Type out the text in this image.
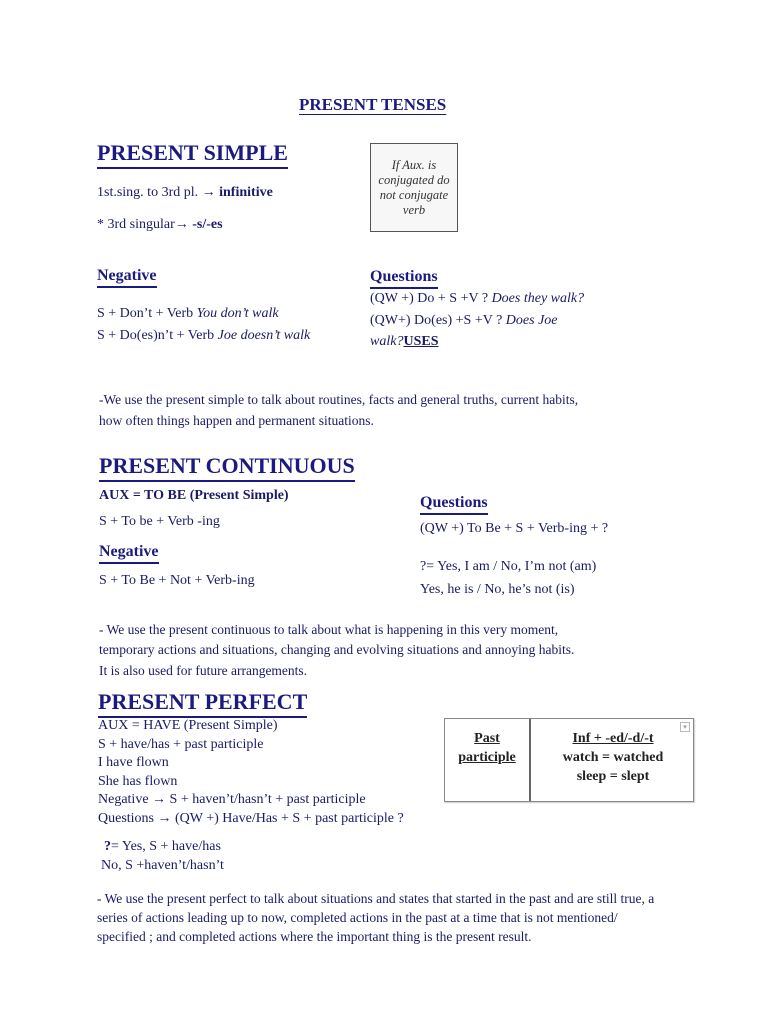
PRESENT TENSES
PRESENT SIMPLE
1st.sing. to 3rd pl. → infinitive
* 3rd singular→ -s/-es
If Aux. is conjugated do not conjugate verb
Negative
S + Don’t + Verb You don’t walk
S + Do(es)n’t + Verb Joe doesn’t walk
Questions
(QW +) Do + S +V ? Does they walk?
(QW+) Do(es) +S +V ? Does Joe
walk?USES
-We use the present simple to talk about routines, facts and general truths, current habits,
how often things happen and permanent situations.
PRESENT CONTINUOUS
AUX = TO BE (Present Simple)
S + To be + Verb -ing
Negative
S + To Be + Not + Verb-ing
Questions
(QW +) To Be + S + Verb-ing + ?
?= Yes, I am / No, I’m not (am)
Yes, he is / No, he’s not (is)
- We use the present continuous to talk about what is happening in this very moment,
temporary actions and situations, changing and evolving situations and annoying habits.
It is also used for future arrangements.
PRESENT PERFECT
AUX = HAVE (Present Simple)
S + have/has + past participle
I have flown
She has flown
Negative → S + haven’t/hasn’t + past participle
Questions → (QW +) Have/Has + S + past participle ?
?= Yes, S + have/has
No, S +haven’t/hasn’t
Past
participle
Inf + -ed/-d/-t
watch = watched
sleep = slept
▾
- We use the present perfect to talk about situations and states that started in the past and are still true, a
series of actions leading up to now, completed actions in the past at a time that is not mentioned/
specified ; and completed actions where the important thing is the present result.
